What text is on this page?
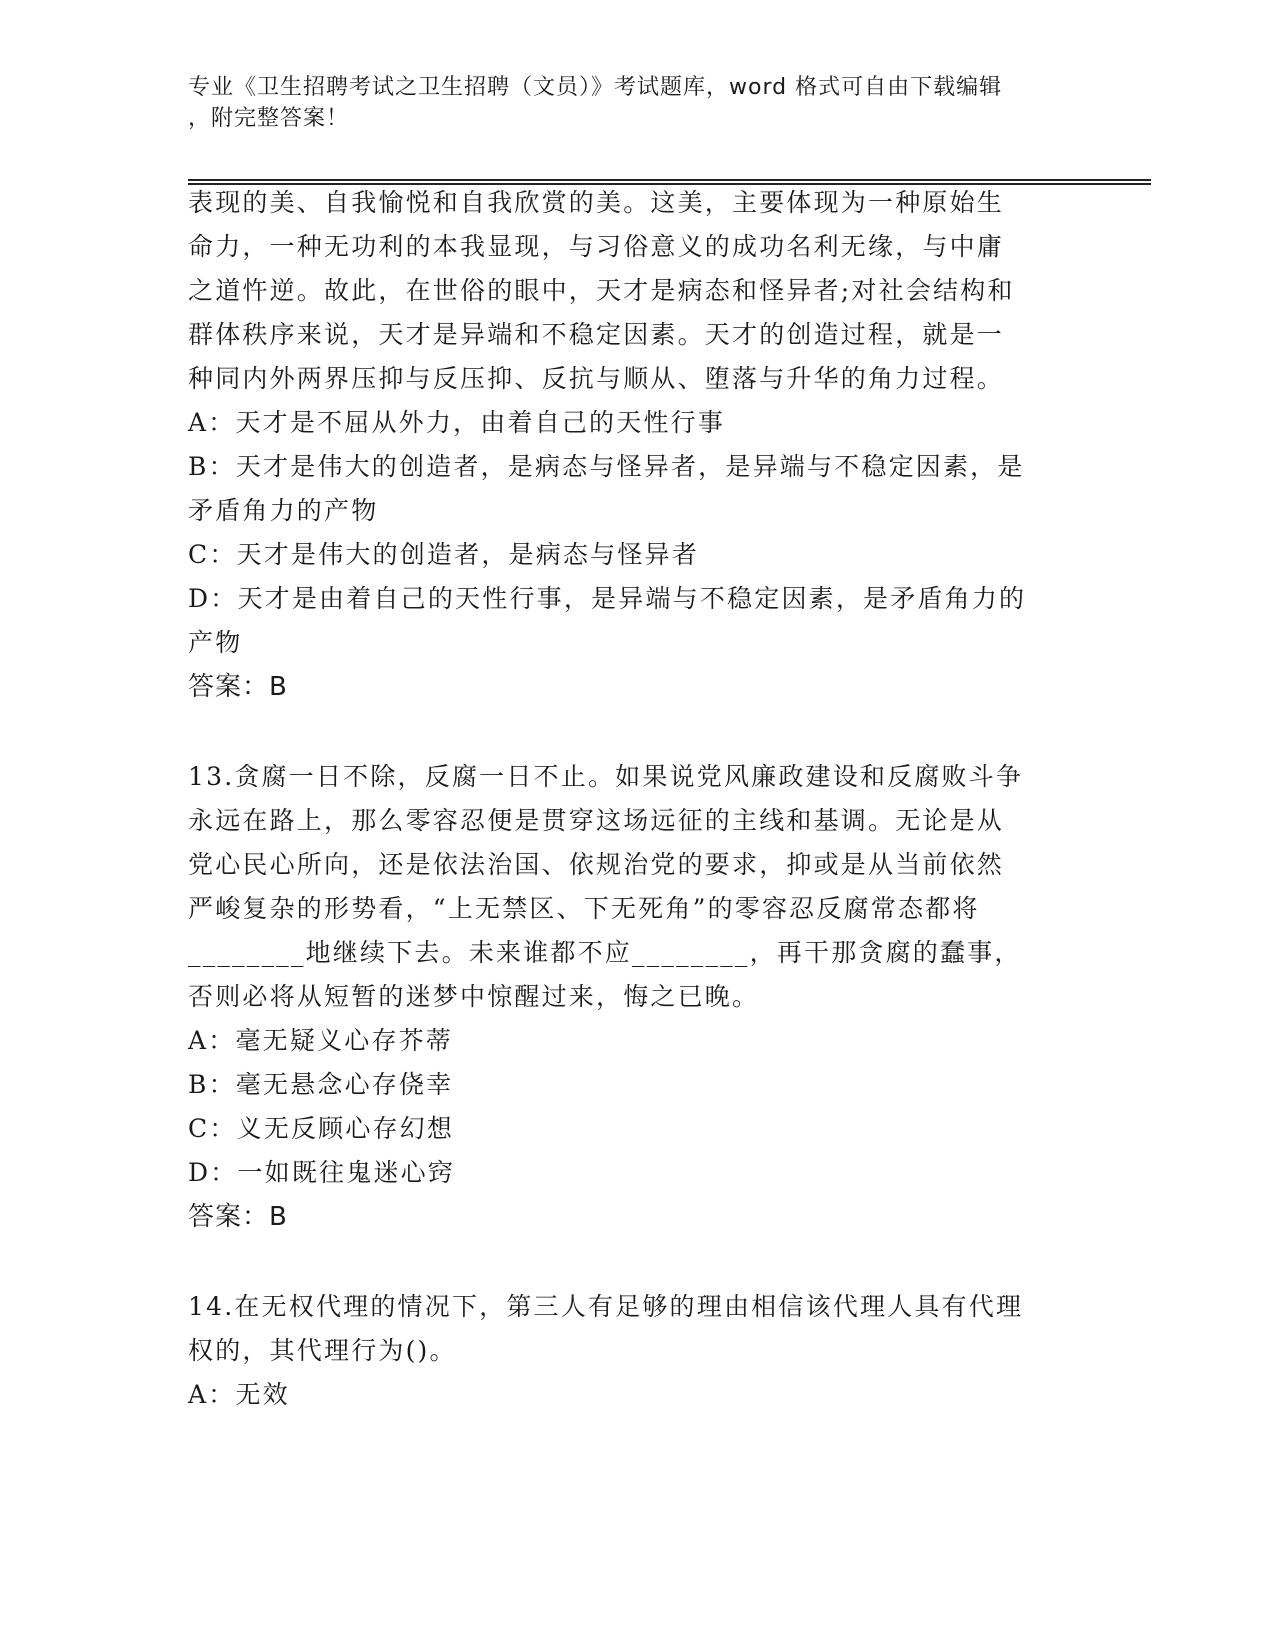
专业《卫生招聘考试之卫生招聘（文员）》考试题库，word 格式可自由下载编辑
，附完整答案！
表现的美、自我愉悦和自我欣赏的美。这美，主要体现为一种原始生
命力，一种无功利的本我显现，与习俗意义的成功名利无缘，与中庸
之道忤逆。故此，在世俗的眼中，天才是病态和怪异者;对社会结构和
群体秩序来说，天才是异端和不稳定因素。天才的创造过程，就是一
种同内外两界压抑与反压抑、反抗与顺从、堕落与升华的角力过程。
A：天才是不屈从外力，由着自己的天性行事
B：天才是伟大的创造者，是病态与怪异者，是异端与不稳定因素，是
矛盾角力的产物
C：天才是伟大的创造者，是病态与怪异者
D：天才是由着自己的天性行事，是异端与不稳定因素，是矛盾角力的
产物
答案：B
13.贪腐一日不除，反腐一日不止。如果说党风廉政建设和反腐败斗争
永远在路上，那么零容忍便是贯穿这场远征的主线和基调。无论是从
党心民心所向，还是依法治国、依规治党的要求，抑或是从当前依然
严峻复杂的形势看，“上无禁区、下无死角”的零容忍反腐常态都将
________地继续下去。未来谁都不应________，再干那贪腐的蠢事，
否则必将从短暂的迷梦中惊醒过来，悔之已晚。
A：毫无疑义心存芥蒂
B：毫无悬念心存侥幸
C：义无反顾心存幻想
D：一如既往鬼迷心窍
答案：B
14.在无权代理的情况下，第三人有足够的理由相信该代理人具有代理
权的，其代理行为()。
A：无效
